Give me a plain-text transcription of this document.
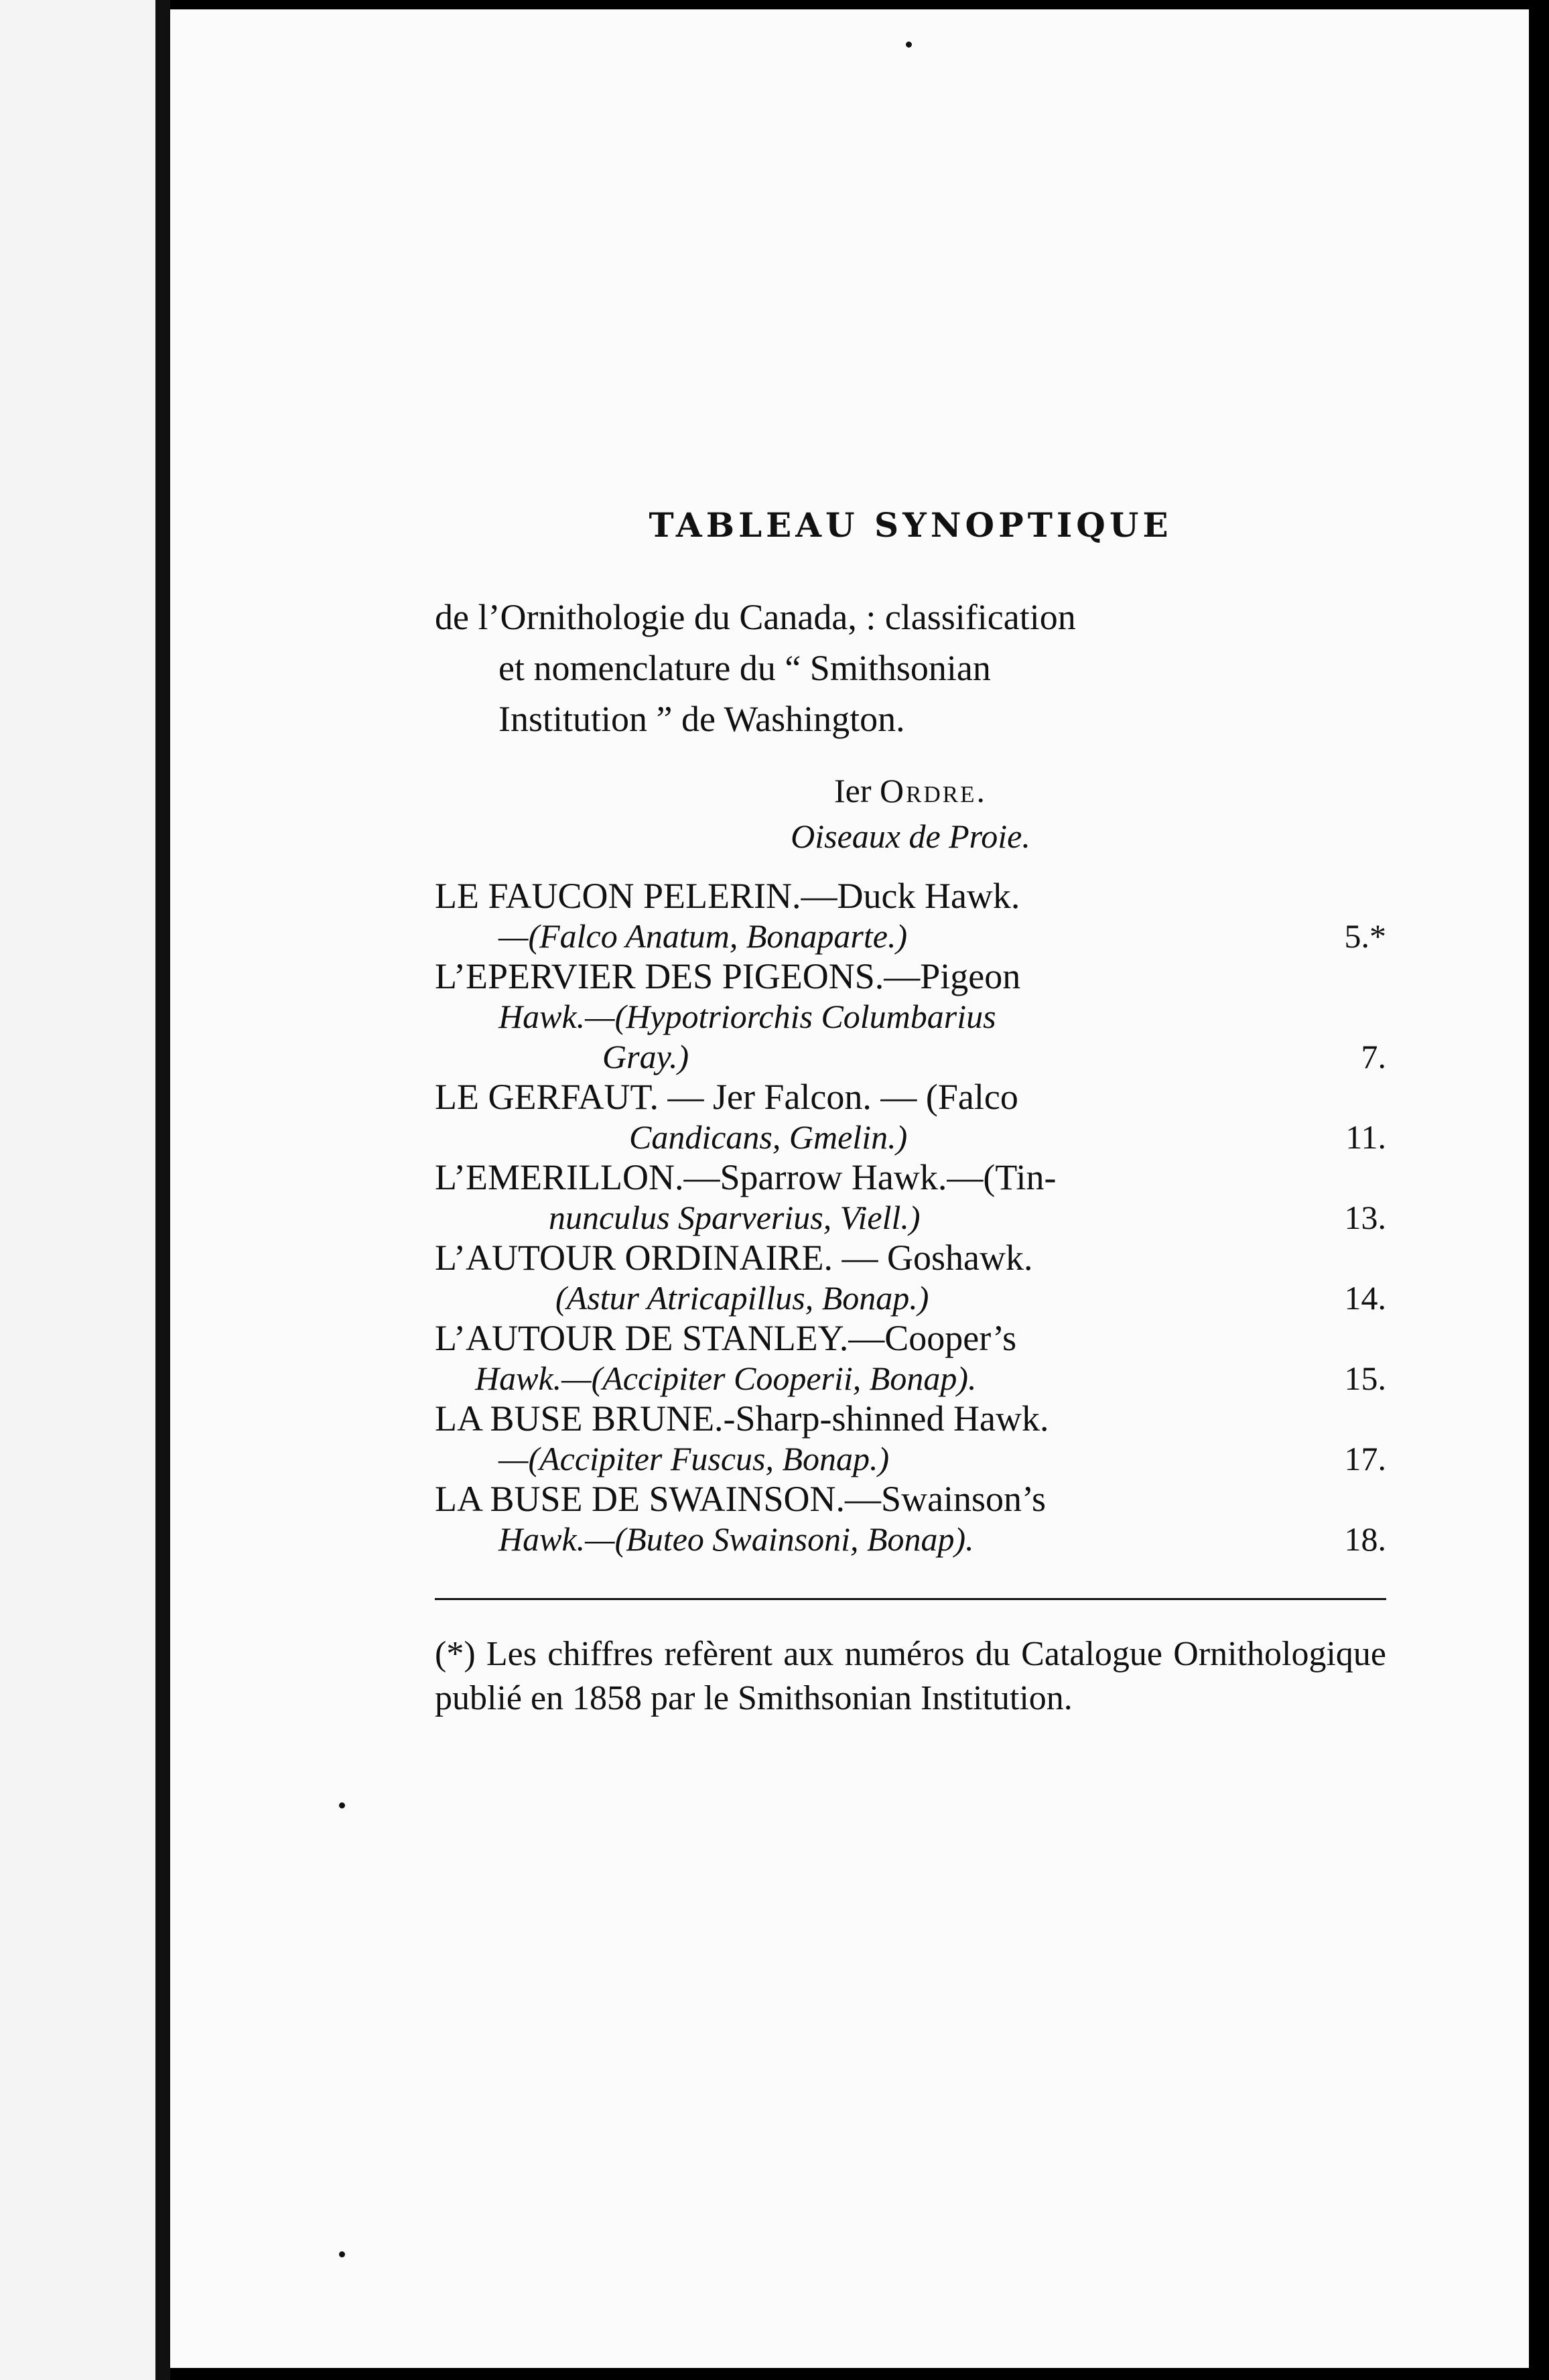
TABLEAU SYNOPTIQUE
de l’Ornithologie du Canada, : classification
et nomenclature du “ Smithsonian
Institution ” de Washington.
Ier Ordre.
Oiseaux de Proie.
LE FAUCON PELERIN.—Duck Hawk.
—(Falco Anatum, Bonaparte.)	5.*
L’EPERVIER DES PIGEONS.—Pigeon
Hawk.—(Hypotriorchis Columbarius
Gray.)	7.
LE GERFAUT. — Jer Falcon. — (Falco
Candicans, Gmelin.)	11.
L’EMERILLON.—Sparrow Hawk.—(Tin-
nunculus Sparverius, Viell.)	13.
L’AUTOUR ORDINAIRE. — Goshawk.
(Astur Atricapillus, Bonap.)	14.
L’AUTOUR DE STANLEY.—Cooper’s
Hawk.—(Accipiter Cooperii, Bonap).	15.
LA BUSE BRUNE.-Sharp-shinned Hawk.
—(Accipiter Fuscus, Bonap.)	17.
LA BUSE DE SWAINSON.—Swainson’s
Hawk.—(Buteo Swainsoni, Bonap).	18.
(*) Les chiffres refèrent aux numéros du Catalogue Ornithologique publié en 1858 par le Smithsonian Institution.
